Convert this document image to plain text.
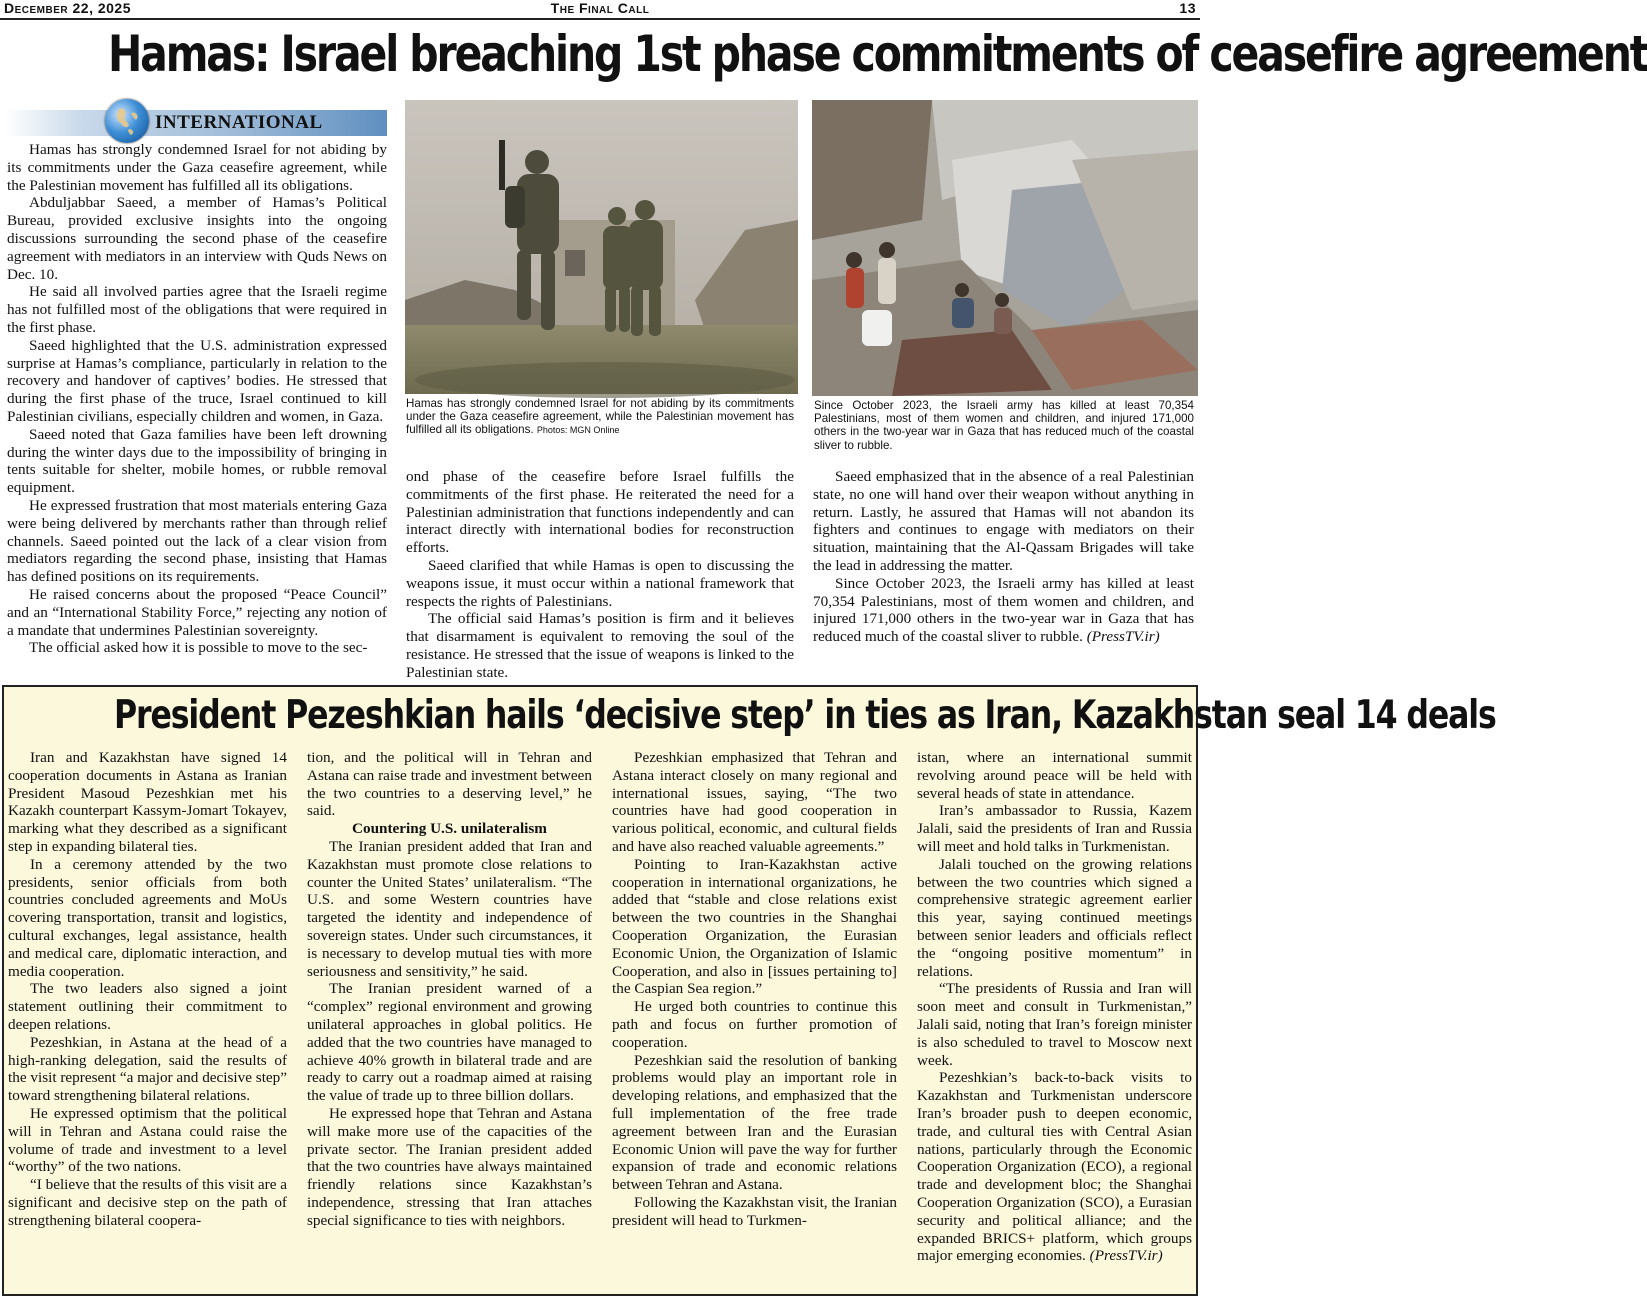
December 22, 2025	The Final Call	13
Hamas: Israel breaching 1st phase commitments of ceasefire agreement
INTERNATIONAL

Hamas has strongly condemned Israel for not abiding by its commitments under the Gaza ceasefire agreement, while the Palestinian movement has fulfilled all its obligations.

Abduljabbar Saeed, a member of Hamas’s Political Bureau, provided exclusive insights into the ongoing discussions surrounding the second phase of the ceasefire agreement with mediators in an interview with Quds News on Dec. 10.

He said all involved parties agree that the Israeli regime has not fulfilled most of the obligations that were required in the first phase.

Saeed highlighted that the U.S. administration expressed surprise at Hamas’s compliance, particularly in relation to the recovery and handover of captives’ bodies. He stressed that during the first phase of the truce, Israel continued to kill Palestinian civilians, especially children and women, in Gaza.

Saeed noted that Gaza families have been left drowning during the winter days due to the impossibility of bringing in tents suitable for shelter, mobile homes, or rubble removal equipment.

He expressed frustration that most materials entering Gaza were being delivered by merchants rather than through relief channels. Saeed pointed out the lack of a clear vision from mediators regarding the second phase, insisting that Hamas has defined positions on its requirements.

He raised concerns about the proposed “Peace Council” and an “International Stability Force,” rejecting any notion of a mandate that undermines Palestinian sovereignty.

The official asked how it is possible to move to the sec-

Hamas has strongly condemned Israel for not abiding by its commitments under the Gaza ceasefire agreement, while the Palestinian movement has fulfilled all its obligations. Photos: MGN Online
Since October 2023, the Israeli army has killed at least 70,354 Palestinians, most of them women and children, and injured 171,000 others in the two-year war in Gaza that has reduced much of the coastal sliver to rubble.

ond phase of the ceasefire before Israel fulfills the commitments of the first phase. He reiterated the need for a Palestinian administration that functions independently and can interact directly with international bodies for reconstruction efforts.

Saeed clarified that while Hamas is open to discussing the weapons issue, it must occur within a national framework that respects the rights of Palestinians.

The official said Hamas’s position is firm and it believes that disarmament is equivalent to removing the soul of the resistance. He stressed that the issue of weapons is linked to the Palestinian state.

Saeed emphasized that in the absence of a real Palestinian state, no one will hand over their weapon without anything in return. Lastly, he assured that Hamas will not abandon its fighters and continues to engage with mediators on their situation, maintaining that the Al-Qassam Brigades will take the lead in addressing the matter.

Since October 2023, the Israeli army has killed at least 70,354 Palestinians, most of them women and children, and injured 171,000 others in the two-year war in Gaza that has reduced much of the coastal sliver to rubble. (PressTV.ir)

President Pezeshkian hails ‘decisive step’ in ties as Iran, Kazakhstan seal 14 deals

Iran and Kazakhstan have signed 14 cooperation documents in Astana as Iranian President Masoud Pezeshkian met his Kazakh counterpart Kassym-Jomart Tokayev, marking what they described as a significant step in expanding bilateral ties.

In a ceremony attended by the two presidents, senior officials from both countries concluded agreements and MoUs covering transportation, transit and logistics, cultural exchanges, legal assistance, health and medical care, diplomatic interaction, and media cooperation.

The two leaders also signed a joint statement outlining their commitment to deepen relations.

Pezeshkian, in Astana at the head of a high-ranking delegation, said the results of the visit represent “a major and decisive step” toward strengthening bilateral relations.

He expressed optimism that the political will in Tehran and Astana could raise the volume of trade and investment to a level “worthy” of the two nations.

“I believe that the results of this visit are a significant and decisive step on the path of strengthening bilateral coopera-

tion, and the political will in Tehran and Astana can raise trade and investment between the two countries to a deserving level,” he said.

Countering U.S. unilateralism

The Iranian president added that Iran and Kazakhstan must promote close relations to counter the United States’ unilateralism. “The U.S. and some Western countries have targeted the identity and independence of sovereign states. Under such circumstances, it is necessary to develop mutual ties with more seriousness and sensitivity,” he said.

The Iranian president warned of a “complex” regional environment and growing unilateral approaches in global politics. He added that the two countries have managed to achieve 40% growth in bilateral trade and are ready to carry out a roadmap aimed at raising the value of trade up to three billion dollars.

He expressed hope that Tehran and Astana will make more use of the capacities of the private sector. The Iranian president added that the two countries have always maintained friendly relations since Kazakhstan’s independence, stressing that Iran attaches special significance to ties with neighbors.

Pezeshkian emphasized that Tehran and Astana interact closely on many regional and international issues, saying, “The two countries have had good cooperation in various political, economic, and cultural fields and have also reached valuable agreements.”

Pointing to Iran-Kazakhstan active cooperation in international organizations, he added that “stable and close relations exist between the two countries in the Shanghai Cooperation Organization, the Eurasian Economic Union, the Organization of Islamic Cooperation, and also in [issues pertaining to] the Caspian Sea region.”

He urged both countries to continue this path and focus on further promotion of cooperation.

Pezeshkian said the resolution of banking problems would play an important role in developing relations, and emphasized that the full implementation of the free trade agreement between Iran and the Eurasian Economic Union will pave the way for further expansion of trade and economic relations between Tehran and Astana.

Following the Kazakhstan visit, the Iranian president will head to Turkmen-

istan, where an international summit revolving around peace will be held with several heads of state in attendance.

Iran’s ambassador to Russia, Kazem Jalali, said the presidents of Iran and Russia will meet and hold talks in Turkmenistan.

Jalali touched on the growing relations between the two countries which signed a comprehensive strategic agreement earlier this year, saying continued meetings between senior leaders and officials reflect the “ongoing positive momentum” in relations.

“The presidents of Russia and Iran will soon meet and consult in Turkmenistan,” Jalali said, noting that Iran’s foreign minister is also scheduled to travel to Moscow next week.

Pezeshkian’s back-to-back visits to Kazakhstan and Turkmenistan underscore Iran’s broader push to deepen economic, trade, and cultural ties with Central Asian nations, particularly through the Economic Cooperation Organization (ECO), a regional trade and development bloc; the Shanghai Cooperation Organization (SCO), a Eurasian security and political alliance; and the expanded BRICS+ platform, which groups major emerging economies. (PressTV.ir)
